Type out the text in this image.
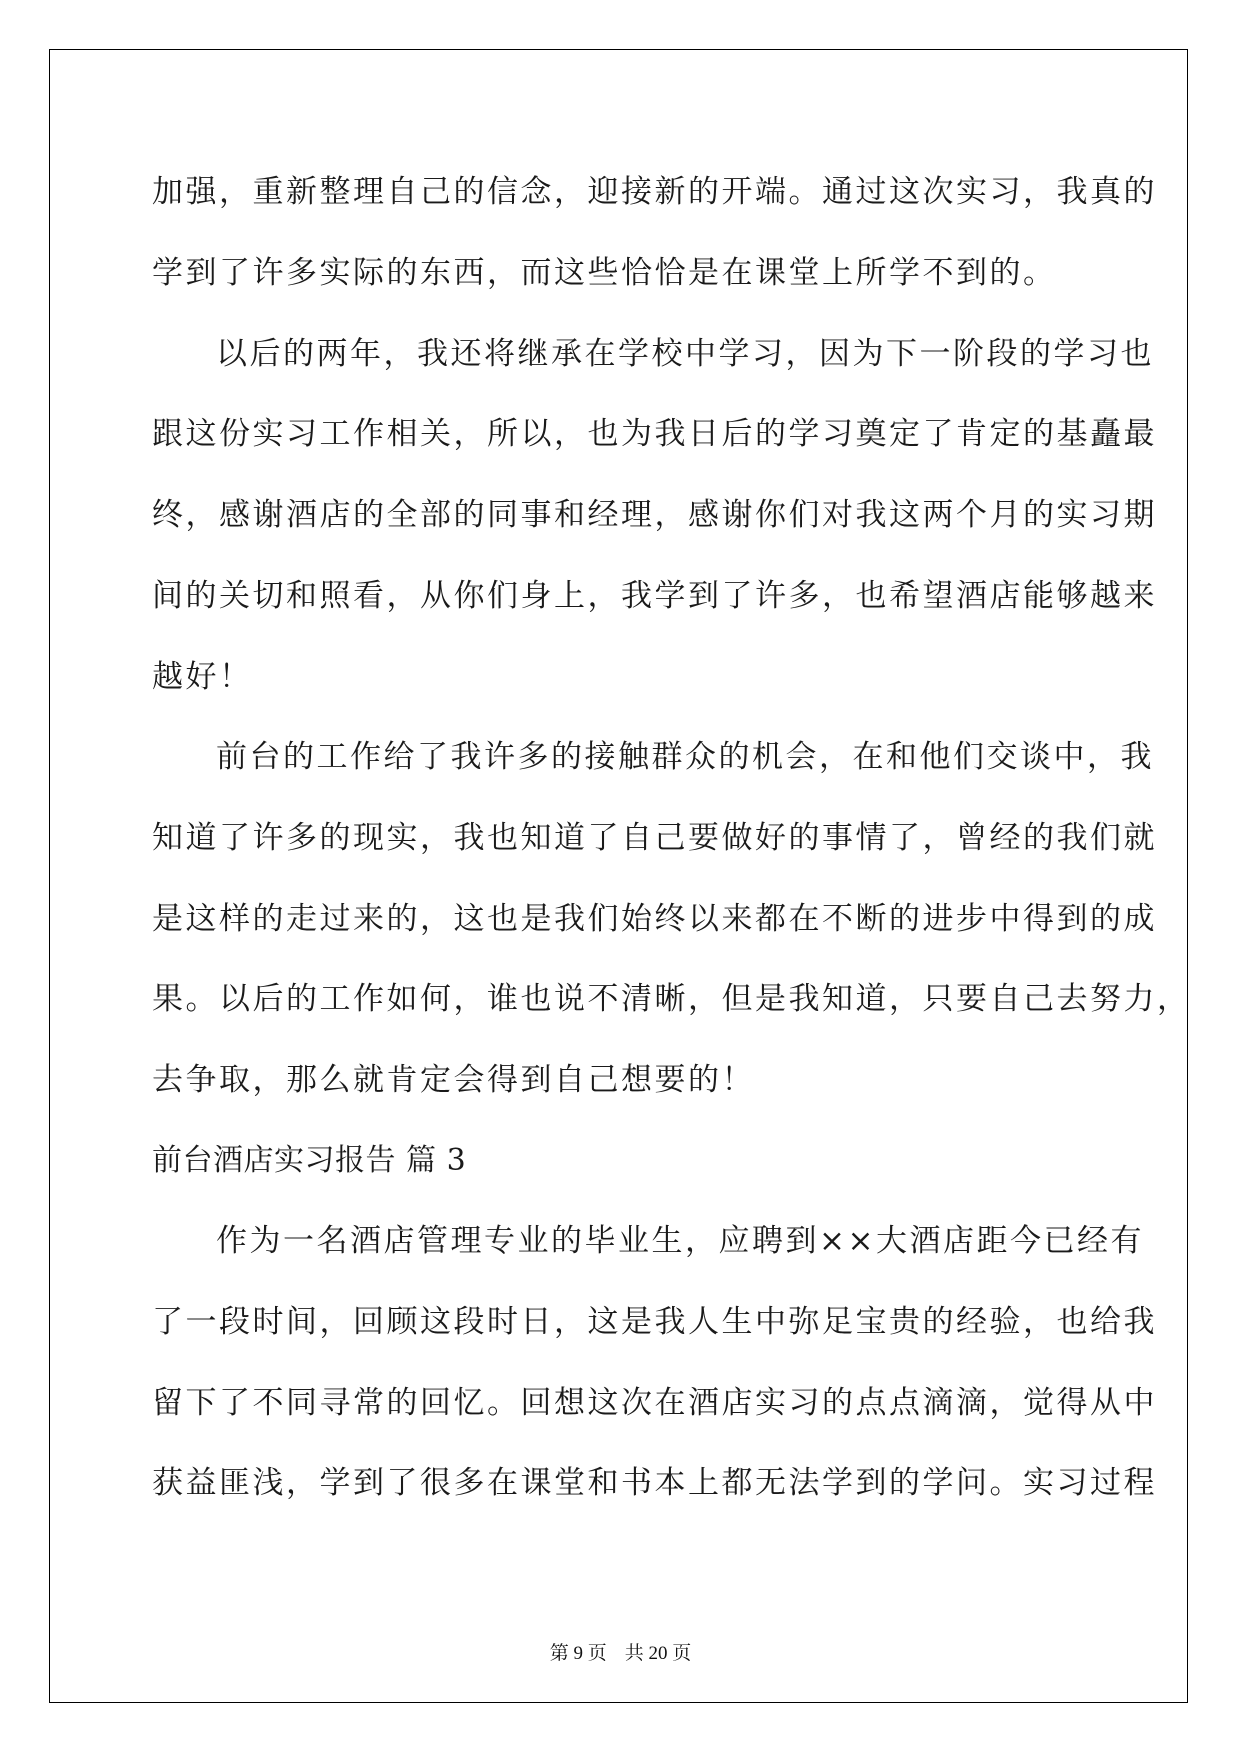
加强，重新整理自己的信念，迎接新的开端。通过这次实习，我真的

学到了许多实际的东西，而这些恰恰是在课堂上所学不到的。

以后的两年，我还将继承在学校中学习，因为下一阶段的学习也

跟这份实习工作相关，所以，也为我日后的学习奠定了肯定的基矗最

终，感谢酒店的全部的同事和经理，感谢你们对我这两个月的实习期

间的关切和照看，从你们身上，我学到了许多，也希望酒店能够越来

越好！

前台的工作给了我许多的接触群众的机会，在和他们交谈中，我

知道了许多的现实，我也知道了自己要做好的事情了，曾经的我们就

是这样的走过来的，这也是我们始终以来都在不断的进步中得到的成

果。以后的工作如何，谁也说不清晰，但是我知道，只要自己去努力，

去争取，那么就肯定会得到自己想要的！

前台酒店实习报告 篇 3

作为一名酒店管理专业的毕业生，应聘到××大酒店距今已经有

了一段时间，回顾这段时日，这是我人生中弥足宝贵的经验，也给我

留下了不同寻常的回忆。回想这次在酒店实习的点点滴滴，觉得从中

获益匪浅，学到了很多在课堂和书本上都无法学到的学问。实习过程

第 9 页 共 20 页
